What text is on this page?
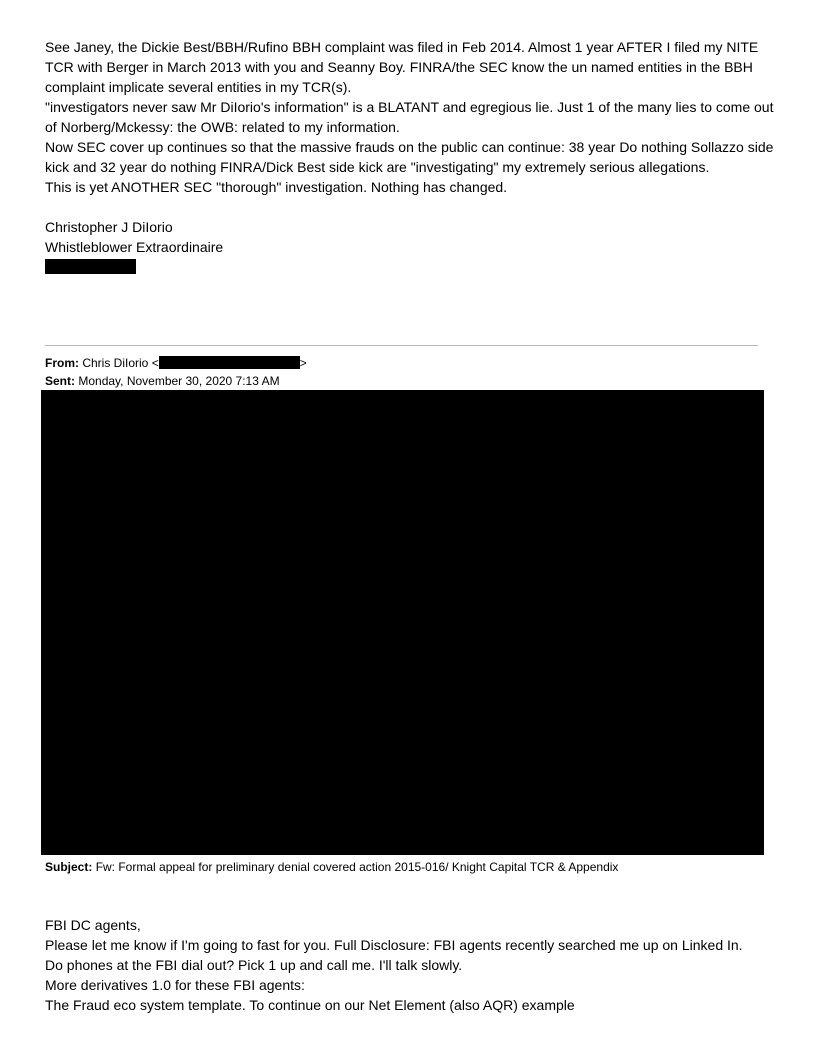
See Janey, the Dickie Best/BBH/Rufino BBH complaint was filed in Feb 2014. Almost 1 year AFTER I filed my NITE TCR with Berger in March 2013 with you and Seanny Boy. FINRA/the SEC know the un named entities in the BBH complaint implicate several entities in my TCR(s).

"investigators never saw Mr DiIorio's information" is a BLATANT and egregious lie. Just 1 of the many lies to come out of Norberg/Mckessy: the OWB: related to my information.

Now SEC cover up continues so that the massive frauds on the public can continue: 38 year Do nothing Sollazzo side kick and 32 year do nothing FINRA/Dick Best side kick are "investigating" my extremely serious allegations.

This is yet ANOTHER SEC "thorough" investigation. Nothing has changed.

Christopher J DiIorio

Whistleblower Extraordinaire

From: Chris DiIorio <	>
Sent: Monday, November 30, 2020 7:13 AM
Subject: Fw: Formal appeal for preliminary denial covered action 2015-016/ Knight Capital TCR & Appendix

FBI DC agents,

Please let me know if I'm going to fast for you. Full Disclosure: FBI agents recently searched me up on Linked In.

Do phones at the FBI dial out? Pick 1 up and call me. I'll talk slowly.

More derivatives 1.0 for these FBI agents:

The Fraud eco system template. To continue on our Net Element (also AQR) example
